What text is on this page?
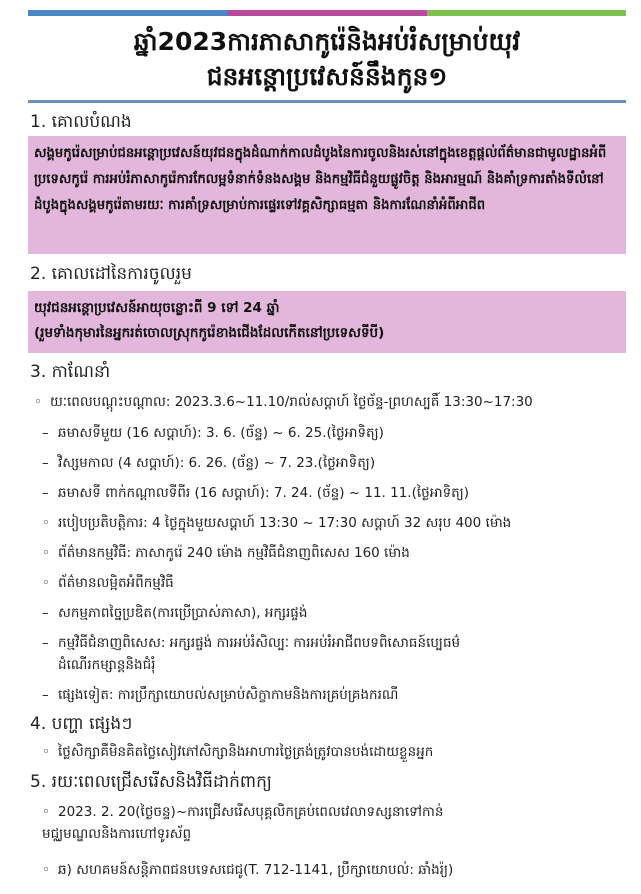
ឆ្នាំ2023ការភាសាកូរ៉េនិងអប់រំសម្រាប់យុវ
ជនអន្តោប្រវេសន៍នឹងកូន១
1. គោលបំណង
សង្គមកូរ៉េសម្រាប់ជនអន្តោប្រវេសន៍យុវជនក្នុងដំណាក់កាលដំបូងនៃការចូលនិងរស់នៅក្នុងខេត្តផ្តល់ព័ត៌មានជាមូលដ្ឋានអំពីប្រទេសកូរ៉េ ការអប់រំភាសាកូរ៉េការកែលម្អទំនាក់ទំនងសង្គម និងកម្មវិធីជំនួយផ្លូវចិត្ត និងអារម្មណ៍ និងគាំទ្រការតាំងទីលំនៅដំបូងក្នុងសង្គមកូរ៉េតាមរយៈ ការគាំទ្រសម្រាប់ការផ្ទេរទៅវគ្គសិក្សាធម្មតា និងការណែនាំអំពីអាជីព
2. គោលដៅនៃការចូលរួម
យុវជនអន្តោប្រវេសន៍អាយុចន្លោះពី 9 ទៅ 24 ឆ្នាំ
(រួមទាំងកុមារនៃអ្នករត់ចោលស្រុកកូរ៉េខាងជើងដែលកើតនៅប្រទេសទីបី)
3. កាណែនាំ
◦ យៈពេលបណ្តុះបណ្តាល: 2023.3.6~11.10/រាល់សប្តាហ៍ ថ្ងៃច័ន្ទ-ព្រហស្បតិ៍ 13:30~17:30
– ឆមាសទីមួយ (16 សប្តាហ៍): 3. 6. (ច័ន្ទ) ~ 6. 25.(ថ្ងៃអាទិត្យ)
– វិស្សមកាល (4 សប្តាហ៍): 6. 26. (ច័ន្ទ) ~ 7. 23.(ថ្ងៃអាទិត្យ)
– ឆមាសទី ពាក់កណ្តាលទីពីរ (16 សប្តាហ៍): 7. 24. (ច័ន្ទ) ~ 11. 11.(ថ្ងៃអាទិត្យ)
◦ របៀបប្រតិបត្តិការ: 4 ថ្ងៃក្នុងមួយសប្តាហ៍ 13:30 ~ 17:30 សប្តាហ៍ 32 សរុប 400 ម៉ោង
◦ ព័ត៌មានកម្មវិធី: ភាសាកូរ៉េ 240 ម៉ោង កម្មវិធីជំនាញពិសេស 160 ម៉ោង
◦ ព័ត៌មានលម្អិតអំពីកម្មវិធី
– សកម្មភាពច្នៃប្រឌិត(ការប្រើប្រាស់ភាសា), អក្សរផ្ចង់
– កម្មវិធីជំនាញពិសេស: អក្សរផ្ចង់ ការអប់រំសិល្បៈ ការអប់រំអាជីពបទពិសោធន៍ប្បេធម៌
ដំណើរកម្សាន្តនិងជំរុំ
– ផ្សេងទៀត: ការប្រឹក្សាយោបល់សម្រាប់សិក្ខាកាមនិងការគ្រប់គ្រងករណី
4. បញ្ហា ផ្សេងៗ
◦ ថ្លៃសិក្សាគឺមិនគិតថ្លៃសៀវភៅសិក្សានិងអាហារថ្ងៃត្រង់ត្រូវបានបង់ដោយខ្លួនអ្នក
5. រយៈពេលជ្រើសរើសនិងវិធីដាក់ពាក្យ
◦ 2023. 2. 20(ថ្ងៃចន្ទ)~ការជ្រើសរើសបុគ្គលិកគ្រប់ពេលវេលាទស្សនាទៅកាន់
មជ្ឈមណ្ឌលនិងការហៅទូរស័ព្ទ
◦ ឆ) សហគមន៍សន្តិភាពជនបទេសជេជូ(T. 712-1141, ប្រឹក្សាយោបល់: ឆាំងរ៉្យ)
